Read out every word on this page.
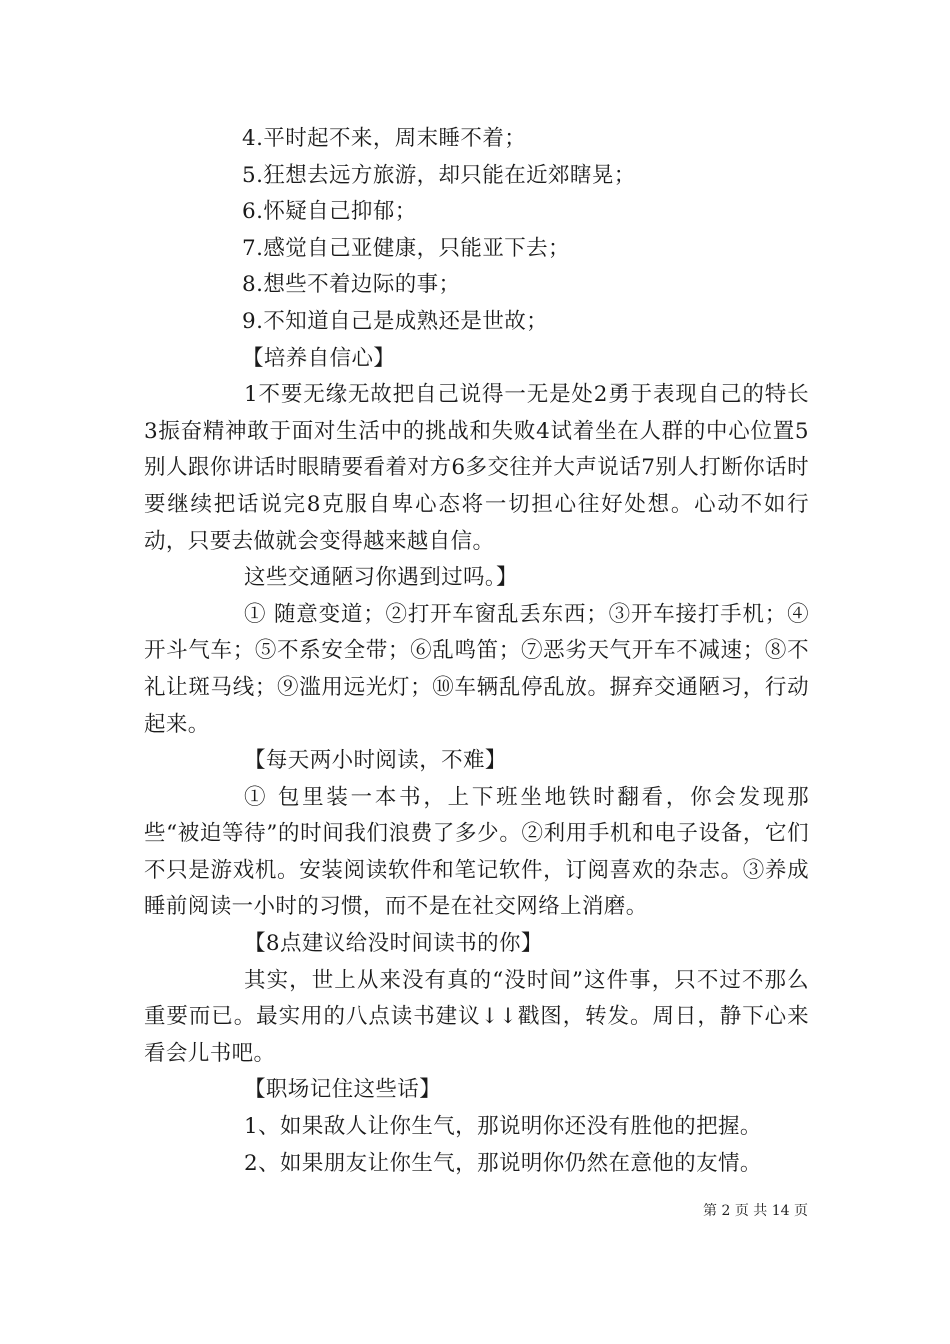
4.平时起不来，周末睡不着；
5.狂想去远方旅游，却只能在近郊瞎晃；
6.怀疑自己抑郁；
7.感觉自己亚健康，只能亚下去；
8.想些不着边际的事；
9.不知道自己是成熟还是世故；
【培养自信心】
1不要无缘无故把自己说得一无是处2勇于表现自己的特长3振奋精神敢于面对生活中的挑战和失败4试着坐在人群的中心位置5别人跟你讲话时眼睛要看着对方6多交往并大声说话7别人打断你话时要继续把话说完8克服自卑心态将一切担心往好处想。心动不如行动，只要去做就会变得越来越自信。
这些交通陋习你遇到过吗。】
① 随意变道；②打开车窗乱丢东西；③开车接打手机；④开斗气车；⑤不系安全带；⑥乱鸣笛；⑦恶劣天气开车不减速；⑧不礼让斑马线；⑨滥用远光灯；⑩车辆乱停乱放。摒弃交通陋习，行动起来。
【每天两小时阅读，不难】
① 包里装一本书，上下班坐地铁时翻看，你会发现那些“被迫等待”的时间我们浪费了多少。②利用手机和电子设备，它们不只是游戏机。安装阅读软件和笔记软件，订阅喜欢的杂志。③养成睡前阅读一小时的习惯，而不是在社交网络上消磨。
【8点建议给没时间读书的你】
其实，世上从来没有真的“没时间”这件事，只不过不那么重要而已。最实用的八点读书建议↓↓戳图，转发。周日，静下心来看会儿书吧。
【职场记住这些话】
1、如果敌人让你生气，那说明你还没有胜他的把握。
2、如果朋友让你生气，那说明你仍然在意他的友情。
第 2 页 共 14 页
